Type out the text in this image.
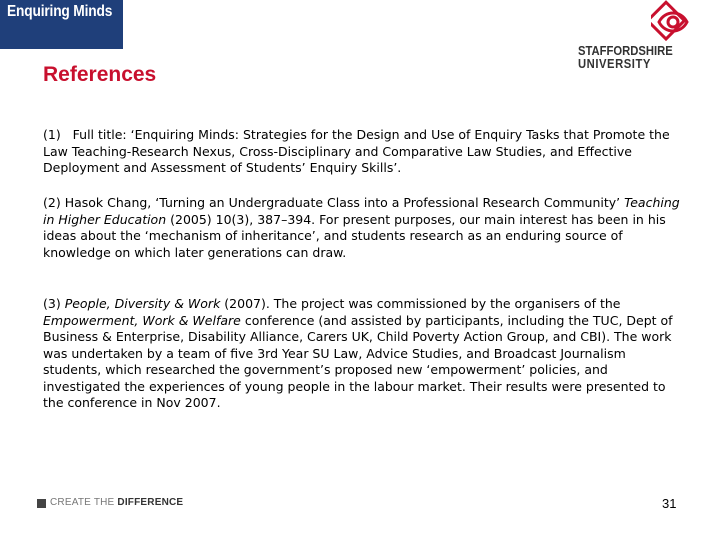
Enquiring Minds
STAFFORDSHIRE
UNIVERSITY
References

(1) Full title: ‘Enquiring Minds: Strategies for the Design and Use of Enquiry Tasks that Promote the Law Teaching-Research Nexus, Cross-Disciplinary and Comparative Law Studies, and Effective Deployment and Assessment of Students’ Enquiry Skills’.

(2) Hasok Chang, ‘Turning an Undergraduate Class into a Professional Research Community’ Teaching in Higher Education (2005) 10(3), 387–394. For present purposes, our main interest has been in his ideas about the ‘mechanism of inheritance’, and students research as an enduring source of knowledge on which later generations can draw.

(3) People, Diversity & Work (2007). The project was commissioned by the organisers of the Empowerment, Work & Welfare conference (and assisted by participants, including the TUC, Dept of Business & Enterprise, Disability Alliance, Carers UK, Child Poverty Action Group, and CBI). The work was undertaken by a team of five 3rd Year SU Law, Advice Studies, and Broadcast Journalism students, which researched the government’s proposed new ‘empowerment’ policies, and investigated the experiences of young people in the labour market. Their results were presented to the conference in Nov 2007.

CREATE THE DIFFERENCE	31
